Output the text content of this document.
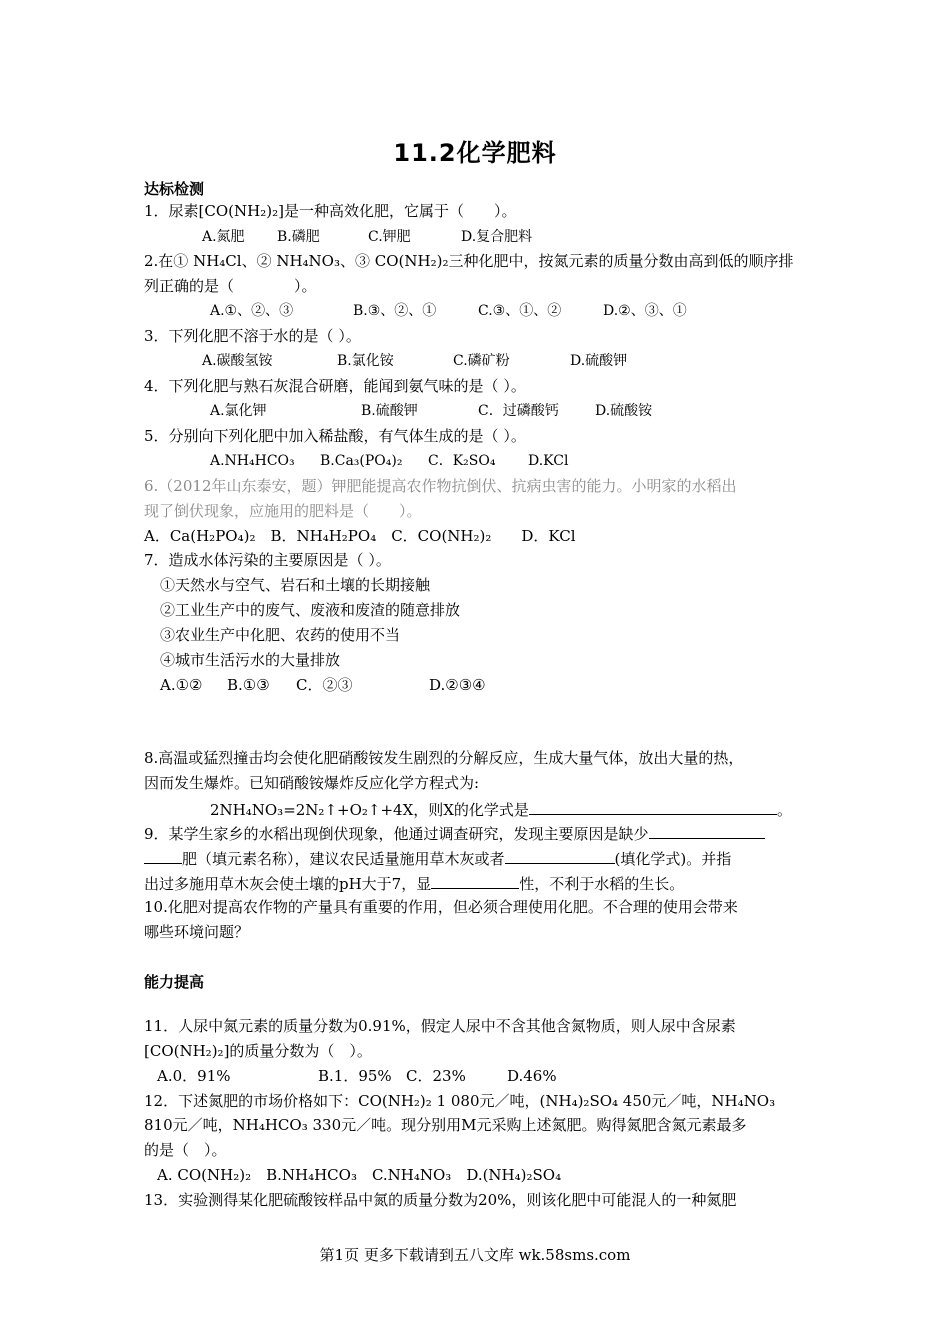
11.2化学肥料
达标检测
1．尿素[CO(NH₂)₂]是一种高效化肥，它属于（　　）。
A.氮肥 B.磷肥	C.钾肥	D.复合肥料
2.在① NH₄Cl、② NH₄NO₃、③ CO(NH₂)₂三种化肥中，按氮元素的质量分数由高到低的顺序排
列正确的是（　　　　）。
A.①、②、③	B.③、②、①	C.③、①、②	D.②、③、①
3．下列化肥不溶于水的是（ ）。
A.碳酸氢铵	B.氯化铵	C.磷矿粉	D.硫酸钾
4．下列化肥与熟石灰混合研磨，能闻到氨气味的是（ ）。
A.氯化钾	B.硫酸钾	C．过磷酸钙	D.硫酸铵
5．分别向下列化肥中加入稀盐酸，有气体生成的是（ ）。
A.NH₄HCO₃ B.Ca₃(PO₄)₂ C．K₂SO₄ D.KCl
6.（2012年山东泰安，题）钾肥能提高农作物抗倒伏、抗病虫害的能力。小明家的水稻出
现了倒伏现象，应施用的肥料是（　　）。
A．Ca(H₂PO₄)₂　B．NH₄H₂PO₄　C．CO(NH₂)₂　　D．KCl
7．造成水体污染的主要原因是（ ）。
①天然水与空气、岩石和土壤的长期接触
②工业生产中的废气、废液和废渣的随意排放
③农业生产中化肥、农药的使用不当
④城市生活污水的大量排放
A.①② B.①③ C．②③	D.②③④
8.高温或猛烈撞击均会使化肥硝酸铵发生剧烈的分解反应，生成大量气体，放出大量的热，
因而发生爆炸。已知硝酸铵爆炸反应化学方程式为:
2NH₄NO₃=2N₂↑+O₂↑+4X，则X的化学式是	。
9．某学生家乡的水稻出现倒伏现象，他通过调查研究，发现主要原因是缺少
肥（填元素名称），建议农民适量施用草木灰或者	(填化学式)。并指
出过多施用草木灰会使土壤的pH大于7，显	性，不利于水稻的生长。
10.化肥对提高农作物的产量具有重要的作用，但必须合理使用化肥。不合理的使用会带来
哪些环境问题？
能力提高
11．人尿中氮元素的质量分数为0.91%，假定人尿中不含其他含氮物质，则人尿中含尿素
[CO(NH₂)₂]的质量分数为（　）。
A.0．91%	B.1．95% C．23%	D.46%
12．下述氮肥的市场价格如下：CO(NH₂)₂ 1 080元／吨，(NH₄)₂SO₄ 450元／吨，NH₄NO₃
810元／吨，NH₄HCO₃ 330元／吨。现分别用M元采购上述氮肥。购得氮肥含氮元素最多
的是（　）。
A. CO(NH₂)₂　B.NH₄HCO₃　C.NH₄NO₃　D.(NH₄)₂SO₄
13．实验测得某化肥硫酸铵样品中氮的质量分数为20%，则该化肥中可能混人的一种氮肥
第1页 更多下载请到五八文库 wk.58sms.com
